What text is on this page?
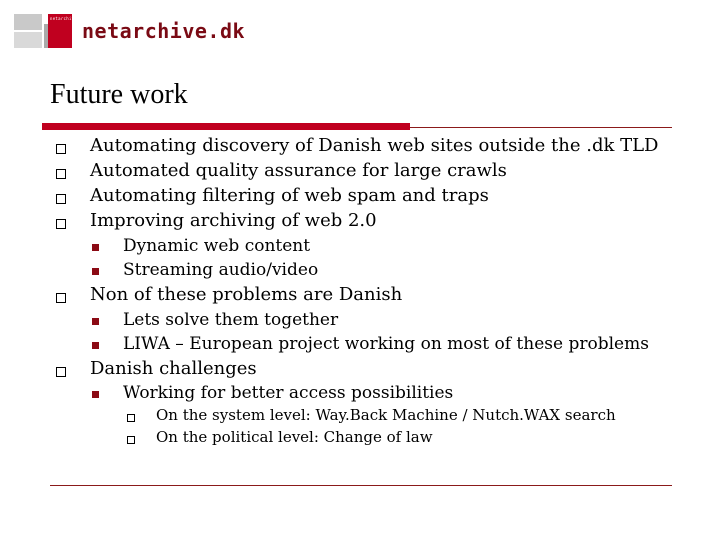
netarchive.dk
netarchive.dk
Future work
Automating discovery of Danish web sites outside the .dk TLD
Automated quality assurance for large crawls
Automating filtering of web spam and traps
Improving archiving of web 2.0
Dynamic web content
Streaming audio/video
Non of these problems are Danish
Lets solve them together
LIWA – European project working on most of these problems
Danish challenges
Working for better access possibilities
On the system level: Way.Back Machine / Nutch.WAX search
On the political level: Change of law
